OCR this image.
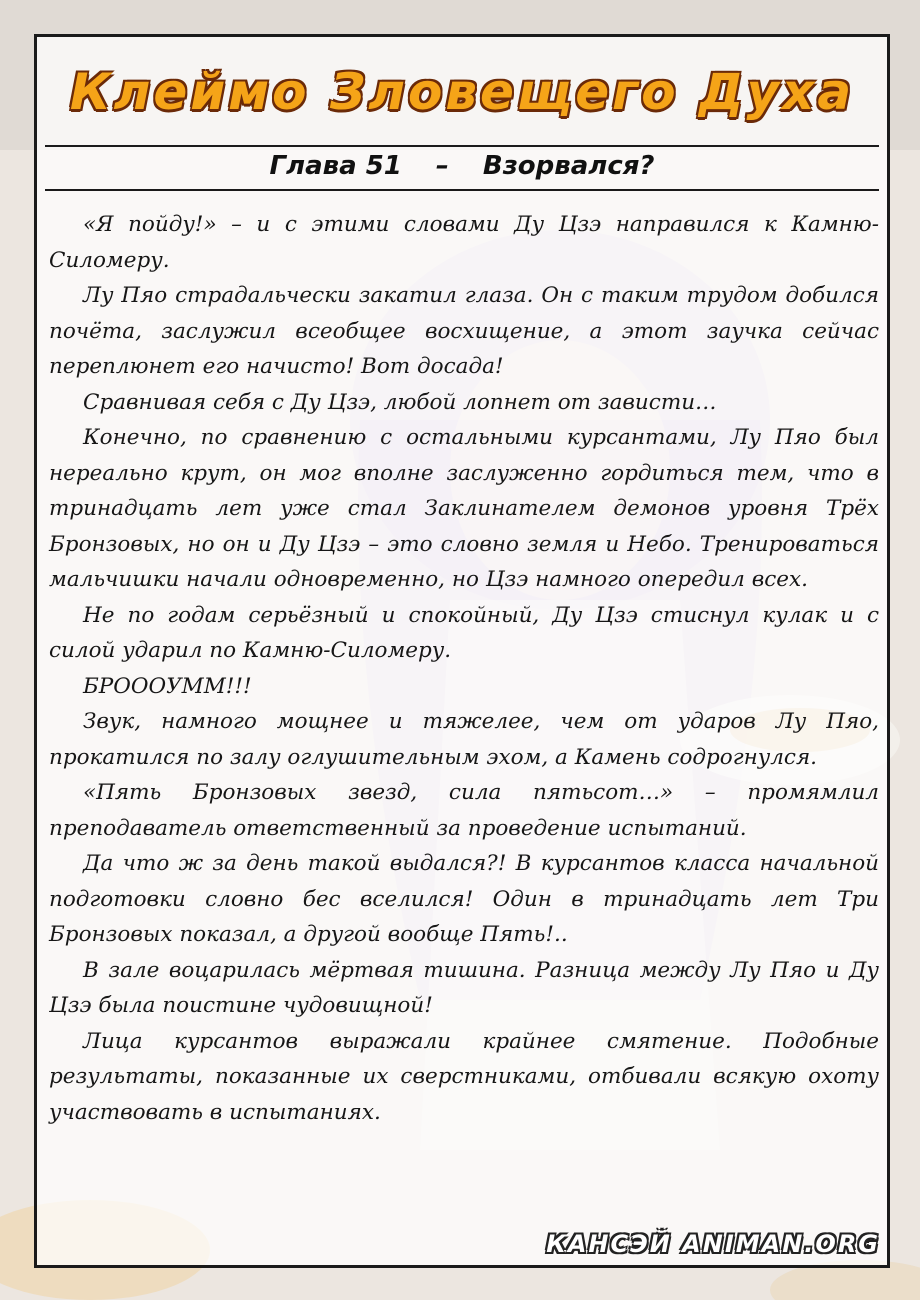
Клеймо Зловещего Духа
Глава 51 – Взорвался?

«Я пойду!» – и с этими словами Ду Цзэ направился к Камню-Силомеру.

Лу Пяо страдальчески закатил глаза. Он с таким трудом добился почёта, заслужил всеобщее восхищение, а этот заучка сейчас переплюнет его начисто! Вот досада!

Сравнивая себя с Ду Цзэ, любой лопнет от зависти…

Конечно, по сравнению с остальными курсантами, Лу Пяо был нереально крут, он мог вполне заслуженно гордиться тем, что в тринадцать лет уже стал Заклинателем демонов уровня Трёх Бронзовых, но он и Ду Цзэ – это словно земля и Небо. Тренироваться мальчишки начали одновременно, но Цзэ намного опередил всех.

Не по годам серьёзный и спокойный, Ду Цзэ стиснул кулак и с силой ударил по Камню-Силомеру.

БРОООУММ!!!

Звук, намного мощнее и тяжелее, чем от ударов Лу Пяо, прокатился по залу оглушительным эхом, а Камень содрогнулся.

«Пять Бронзовых звезд, сила пятьсот…» – промямлил преподаватель ответственный за проведение испытаний.

Да что ж за день такой выдался?! В курсантов класса начальной подготовки словно бес вселился! Один в тринадцать лет Три Бронзовых показал, а другой вообще Пять!..

В зале воцарилась мёртвая тишина. Разница между Лу Пяо и Ду Цзэ была поистине чудовищной!

Лица курсантов выражали крайнее смятение. Подобные результаты, показанные их сверстниками, отбивали всякую охоту участвовать в испытаниях.

КАНСЭЙ ANIMAN.ORG
